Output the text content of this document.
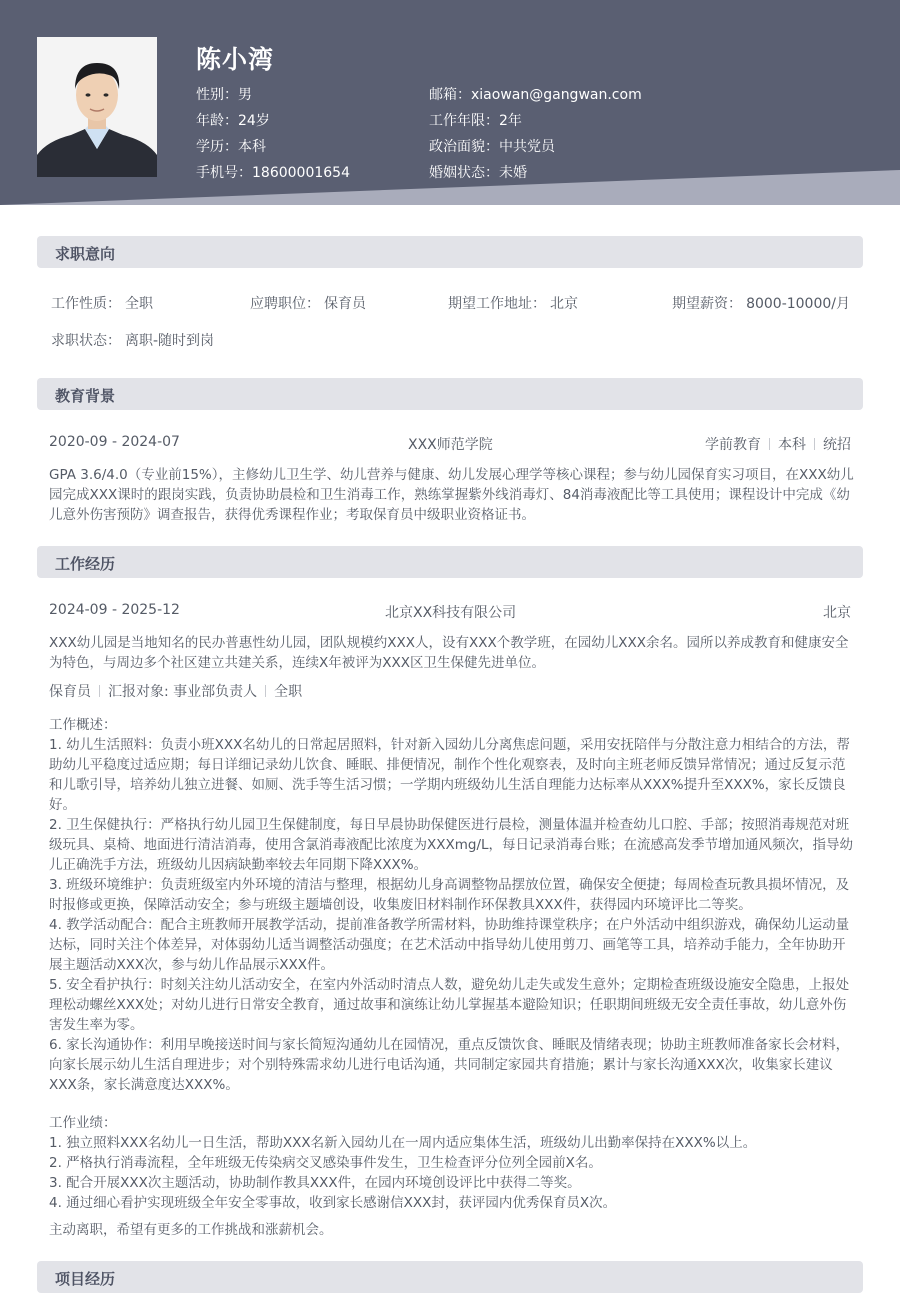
陈小湾
性别：男
年龄：24岁
学历：本科
手机号：18600001654
邮箱：xiaowan@gangwan.com
工作年限：2年
政治面貌：中共党员
婚姻状态：未婚
求职意向
工作性质： 全职	应聘职位： 保育员	期望工作地址： 北京	期望薪资： 8000-10000/月
求职状态： 离职-随时到岗
教育背景
2020-09 - 2024-07	XXX师范学院	学前教育 本科 统招
GPA 3.6/4.0（专业前15%），主修幼儿卫生学、幼儿营养与健康、幼儿发展心理学等核心课程；参与幼儿园保育实习项目，在XXX幼儿园完成XXX课时的跟岗实践，负责协助晨检和卫生消毒工作，熟练掌握紫外线消毒灯、84消毒液配比等工具使用；课程设计中完成《幼儿意外伤害预防》调查报告，获得优秀课程作业；考取保育员中级职业资格证书。
工作经历
2024-09 - 2025-12	北京XX科技有限公司	北京
XXX幼儿园是当地知名的民办普惠性幼儿园，团队规模约XXX人，设有XXX个教学班，在园幼儿XXX余名。园所以养成教育和健康安全为特色，与周边多个社区建立共建关系，连续X年被评为XXX区卫生保健先进单位。
保育员 汇报对象: 事业部负责人 全职
工作概述：
1. 幼儿生活照料：负责小班XXX名幼儿的日常起居照料，针对新入园幼儿分离焦虑问题，采用安抚陪伴与分散注意力相结合的方法，帮助幼儿平稳度过适应期；每日详细记录幼儿饮食、睡眠、排便情况，制作个性化观察表，及时向主班老师反馈异常情况；通过反复示范和儿歌引导，培养幼儿独立进餐、如厕、洗手等生活习惯；一学期内班级幼儿生活自理能力达标率从XXX%提升至XXX%，家长反馈良好。
2. 卫生保健执行：严格执行幼儿园卫生保健制度，每日早晨协助保健医进行晨检，测量体温并检查幼儿口腔、手部；按照消毒规范对班级玩具、桌椅、地面进行清洁消毒，使用含氯消毒液配比浓度为XXXmg/L，每日记录消毒台账；在流感高发季节增加通风频次，指导幼儿正确洗手方法，班级幼儿因病缺勤率较去年同期下降XXX%。
3. 班级环境维护：负责班级室内外环境的清洁与整理，根据幼儿身高调整物品摆放位置，确保安全便捷；每周检查玩教具损坏情况，及时报修或更换，保障活动安全；参与班级主题墙创设，收集废旧材料制作环保教具XXX件，获得园内环境评比二等奖。
4. 教学活动配合：配合主班教师开展教学活动，提前准备教学所需材料，协助维持课堂秩序；在户外活动中组织游戏，确保幼儿运动量达标，同时关注个体差异，对体弱幼儿适当调整活动强度；在艺术活动中指导幼儿使用剪刀、画笔等工具，培养动手能力，全年协助开展主题活动XXX次，参与幼儿作品展示XXX件。
5. 安全看护执行：时刻关注幼儿活动安全，在室内外活动时清点人数，避免幼儿走失或发生意外；定期检查班级设施安全隐患，上报处理松动螺丝XXX处；对幼儿进行日常安全教育，通过故事和演练让幼儿掌握基本避险知识；任职期间班级无安全责任事故，幼儿意外伤害发生率为零。
6. 家长沟通协作：利用早晚接送时间与家长简短沟通幼儿在园情况，重点反馈饮食、睡眠及情绪表现；协助主班教师准备家长会材料，向家长展示幼儿生活自理进步；对个别特殊需求幼儿进行电话沟通，共同制定家园共育措施；累计与家长沟通XXX次，收集家长建议XXX条，家长满意度达XXX%。
工作业绩：
1. 独立照料XXX名幼儿一日生活，帮助XXX名新入园幼儿在一周内适应集体生活，班级幼儿出勤率保持在XXX%以上。
2. 严格执行消毒流程，全年班级无传染病交叉感染事件发生，卫生检查评分位列全园前X名。
3. 配合开展XXX次主题活动，协助制作教具XXX件，在园内环境创设评比中获得二等奖。
4. 通过细心看护实现班级全年安全零事故，收到家长感谢信XXX封，获评园内优秀保育员X次。
主动离职，希望有更多的工作挑战和涨薪机会。
项目经历
